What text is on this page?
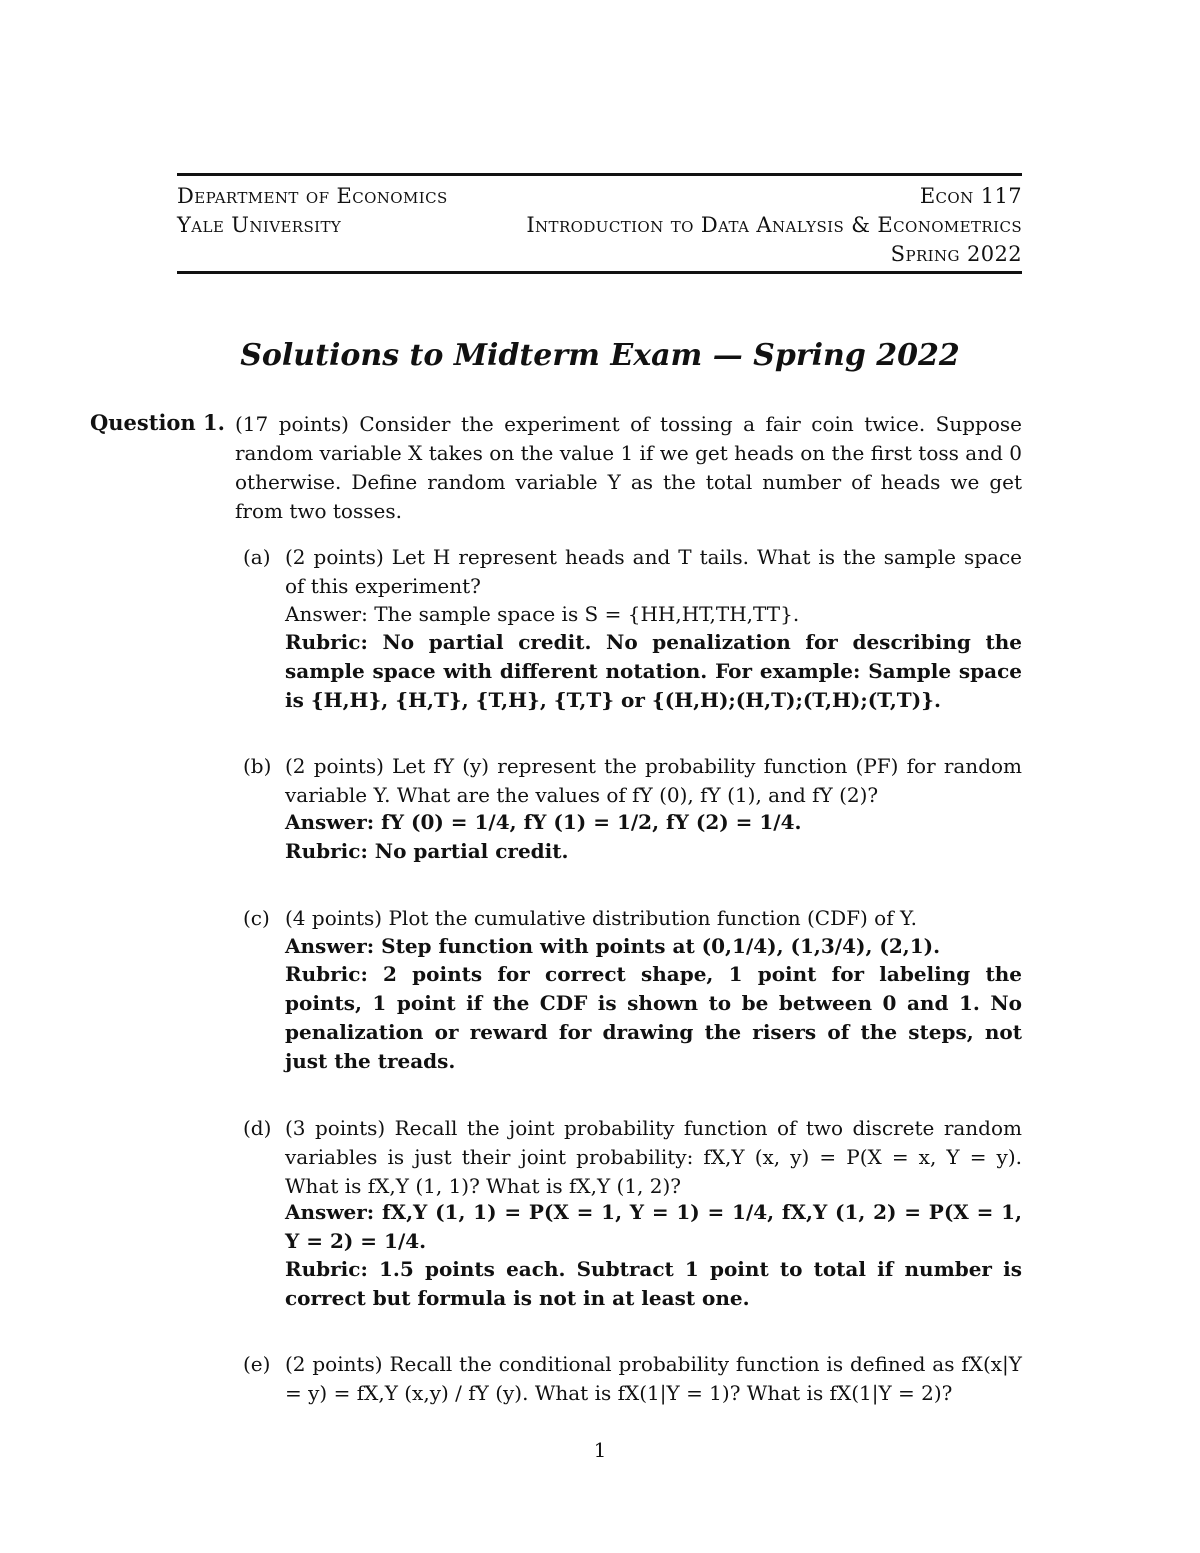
Department of Economics	Econ 117
Yale University	Introduction to Data Analysis & Econometrics
Spring 2022
Solutions to Midterm Exam — Spring 2022
Question 1. (17 points) Consider the experiment of tossing a fair coin twice. Suppose random variable X takes on the value 1 if we get heads on the first toss and 0 otherwise. Define random variable Y as the total number of heads we get from two tosses.
(a) (2 points) Let H represent heads and T tails. What is the sample space of this experiment?
Answer: The sample space is S = {HH,HT,TH,TT}.
Rubric: No partial credit. No penalization for describing the sample space with different notation. For example: Sample space is {H,H}, {H,T}, {T,H}, {T,T} or {(H,H);(H,T);(T,H);(T,T)}.
(b) (2 points) Let fY (y) represent the probability function (PF) for random variable Y. What are the values of fY (0), fY (1), and fY (2)?
Answer: fY (0) = 1/4, fY (1) = 1/2, fY (2) = 1/4.
Rubric: No partial credit.
(c) (4 points) Plot the cumulative distribution function (CDF) of Y.
Answer: Step function with points at (0,1/4), (1,3/4), (2,1).
Rubric: 2 points for correct shape, 1 point for labeling the points, 1 point if the CDF is shown to be between 0 and 1. No penalization or reward for drawing the risers of the steps, not just the treads.
(d) (3 points) Recall the joint probability function of two discrete random variables is just their joint probability: fX,Y (x, y) = P(X = x, Y = y). What is fX,Y (1, 1)? What is fX,Y (1, 2)?
Answer: fX,Y (1, 1) = P(X = 1, Y = 1) = 1/4, fX,Y (1, 2) = P(X = 1, Y = 2) = 1/4.
Rubric: 1.5 points each. Subtract 1 point to total if number is correct but formula is not in at least one.
(e) (2 points) Recall the conditional probability function is defined as fX(x|Y = y) = fX,Y (x,y) / fY (y). What is fX(1|Y = 1)? What is fX(1|Y = 2)?
1
